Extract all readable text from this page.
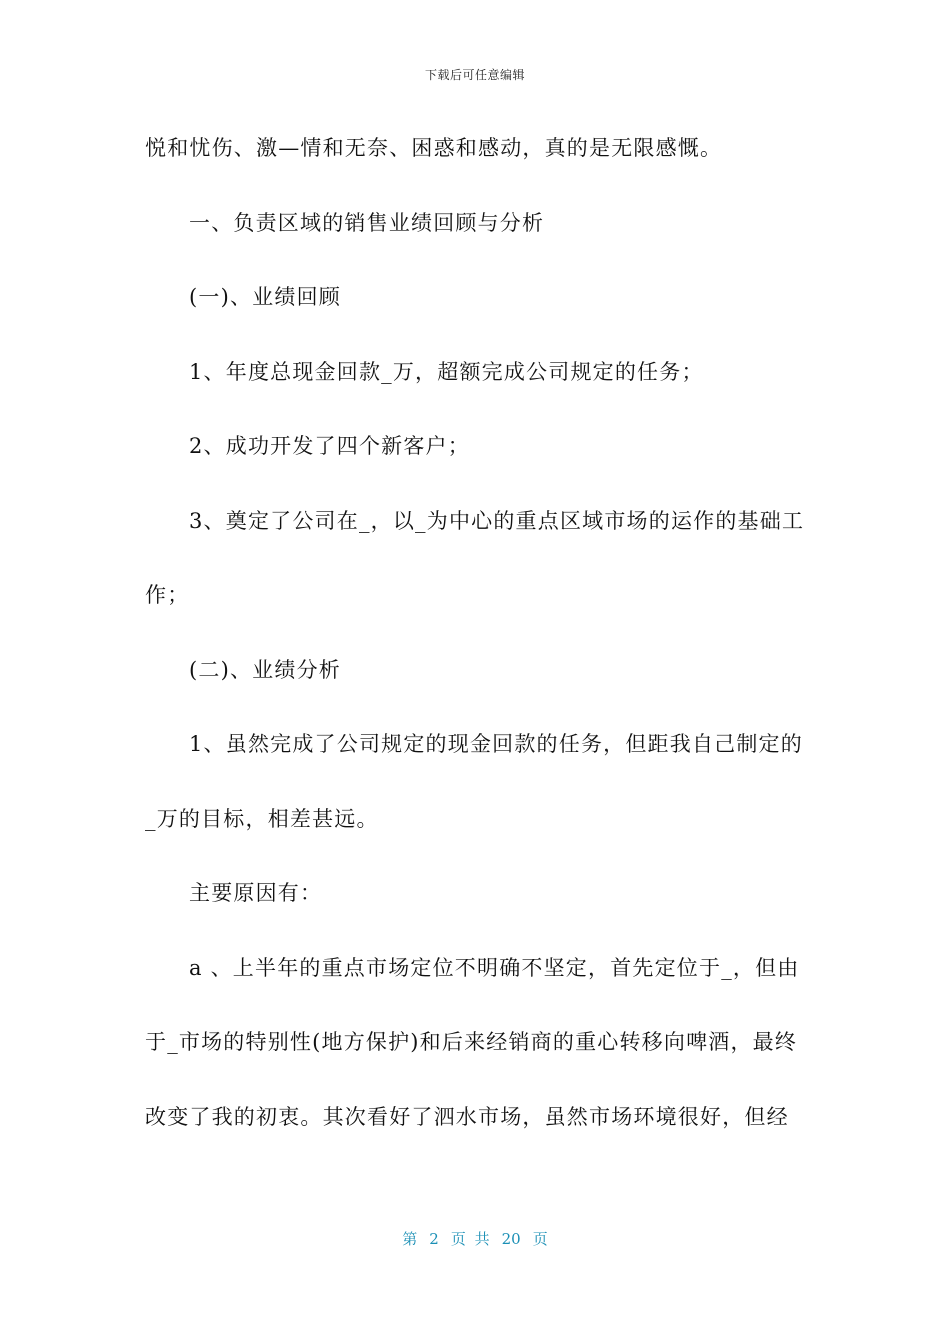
下载后可任意编辑
悦和忧伤、激—情和无奈、困惑和感动，真的是无限感慨。
一、负责区域的销售业绩回顾与分析
(一)、业绩回顾
1、年度总现金回款_万，超额完成公司规定的任务；
2、成功开发了四个新客户；
3、奠定了公司在_，以_为中心的重点区域市场的运作的基础工
作；
(二)、业绩分析
1、虽然完成了公司规定的现金回款的任务，但距我自己制定的
_万的目标，相差甚远。
主要原因有：
a 、上半年的重点市场定位不明确不坚定，首先定位于_，但由
于_市场的特别性(地方保护)和后来经销商的重心转移向啤酒，最终
改变了我的初衷。其次看好了泗水市场，虽然市场环境很好，但经
第 2 页 共 20 页
